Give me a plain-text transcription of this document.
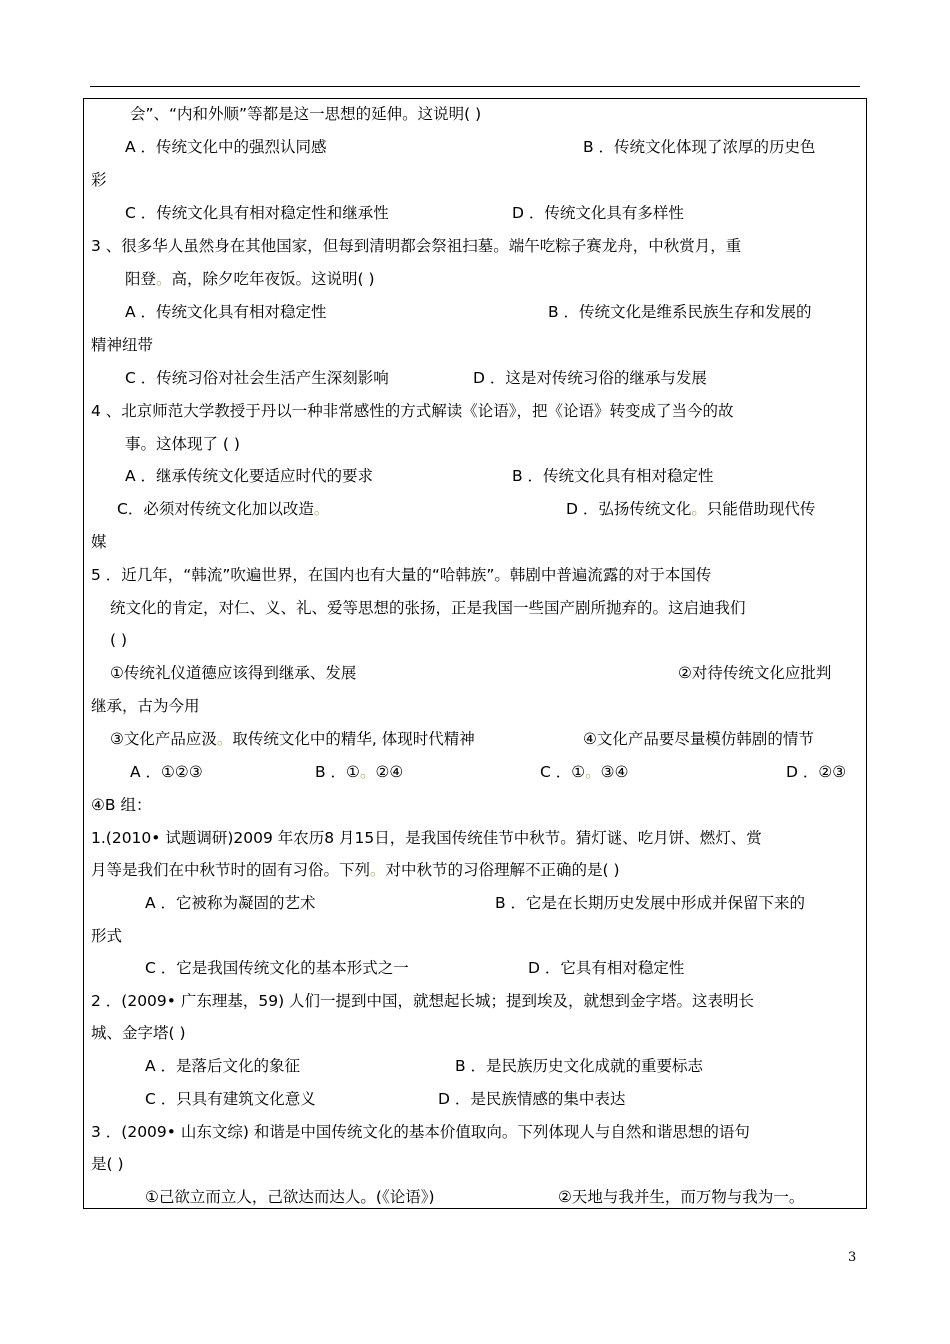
会”、“内和外顺”等都是这一思想的延伸。这说明( )
A ．传统文化中的强烈认同感	B ．传统文化体现了浓厚的历史色
彩
C ．传统文化具有相对稳定性和继承性	D ．传统文化具有多样性
3 、很多华人虽然身在其他国家，但每到清明都会祭祖扫墓。端午吃粽子赛龙舟，中秋赏月，重
阳登。高，除夕吃年夜饭。这说明( )
A ．传统文化具有相对稳定性	B ．传统文化是维系民族生存和发展的
精神纽带
C ．传统习俗对社会生活产生深刻影响	D ．这是对传统习俗的继承与发展
4 、北京师范大学教授于丹以一种非常感性的方式解读《论语》，把《论语》转变成了当今的故
事。这体现了 ( )
A ．继承传统文化要适应时代的要求	B ．传统文化具有相对稳定性
C．必须对传统文化加以改造。	D ．弘扬传统文化。只能借助现代传
媒
5 ．近几年，“韩流”吹遍世界，在国内也有大量的“哈韩族”。韩剧中普遍流露的对于本国传
统文化的肯定，对仁、义、礼、爱等思想的张扬，正是我国一些国产剧所抛弃的。这启迪我们
( )
①传统礼仪道德应该得到继承、发展	②对待传统文化应批判
继承，古为今用
③文化产品应汲。取传统文化中的精华, 体现时代精神	④文化产品要尽量模仿韩剧的情节
A ．①②③	B ．①。②④	C ．①。③④	D ．②③
④B 组：
1.(2010• 试题调研)2009 年农历8 月15日，是我国传统佳节中秋节。猜灯谜、吃月饼、燃灯、赏
月等是我们在中秋节时的固有习俗。下列。对中秋节的习俗理解不正确的是( )
A ．它被称为凝固的艺术	B ．它是在长期历史发展中形成并保留下来的
形式
C ．它是我国传统文化的基本形式之一	D ．它具有相对稳定性
2 ．(2009• 广东理基，59) 人们一提到中国，就想起长城；提到埃及，就想到金字塔。这表明长
城、金字塔( )
A ．是落后文化的象征	B ．是民族历史文化成就的重要标志
C ．只具有建筑文化意义	D ．是民族情感的集中表达
3 ．(2009• 山东文综) 和谐是中国传统文化的基本价值取向。下列体现人与自然和谐思想的语句
是( )
①己欲立而立人，己欲达而达人。(《论语》)	②天地与我并生，而万物与我为一。
3
